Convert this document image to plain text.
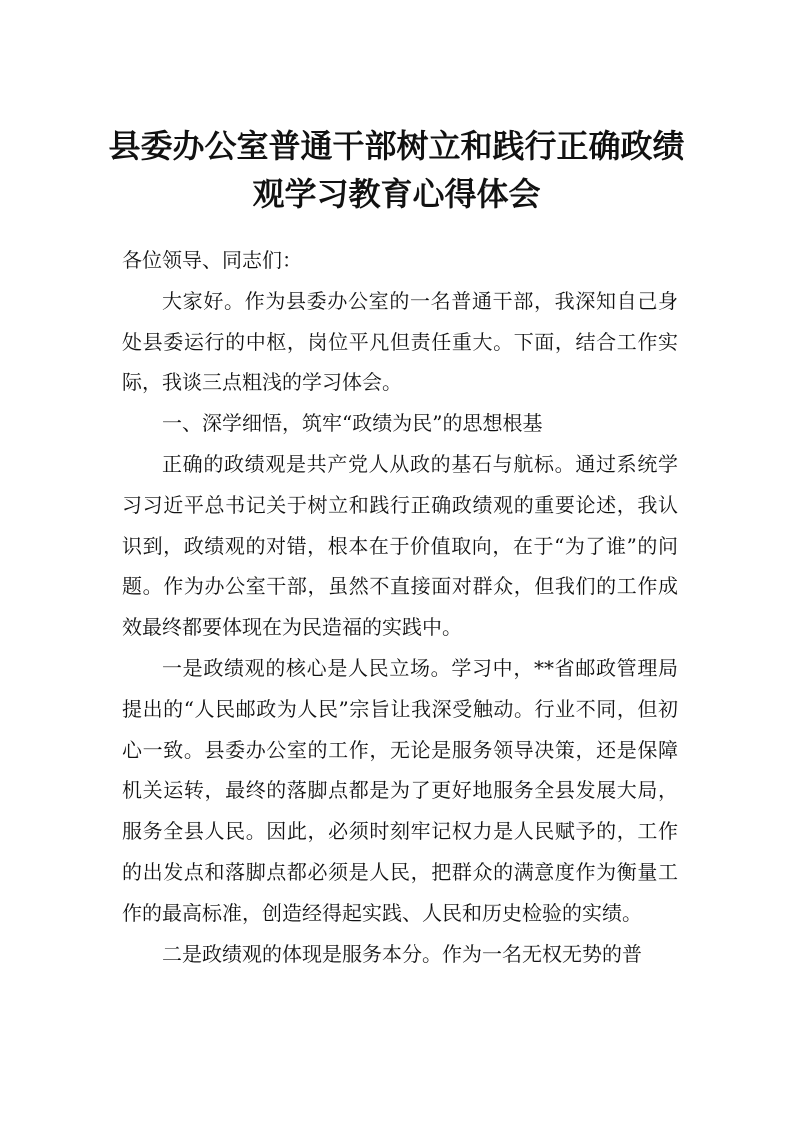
县委办公室普通干部树立和践行正确政绩
观学习教育心得体会

各位领导、同志们：

大家好。作为县委办公室的一名普通干部，我深知自己身处县委运行的中枢，岗位平凡但责任重大。下面，结合工作实际，我谈三点粗浅的学习体会。

一、深学细悟，筑牢“政绩为民”的思想根基

正确的政绩观是共产党人从政的基石与航标。通过系统学习习近平总书记关于树立和践行正确政绩观的重要论述，我认识到，政绩观的对错，根本在于价值取向，在于“为了谁”的问题。作为办公室干部，虽然不直接面对群众，但我们的工作成效最终都要体现在为民造福的实践中。

一是政绩观的核心是人民立场。学习中，**省邮政管理局提出的“人民邮政为人民”宗旨让我深受触动。行业不同，但初心一致。县委办公室的工作，无论是服务领导决策，还是保障机关运转，最终的落脚点都是为了更好地服务全县发展大局，服务全县人民。因此，必须时刻牢记权力是人民赋予的，工作的出发点和落脚点都必须是人民，把群众的满意度作为衡量工作的最高标准，创造经得起实践、人民和历史检验的实绩。

二是政绩观的体现是服务本分。作为一名无权无势的普
